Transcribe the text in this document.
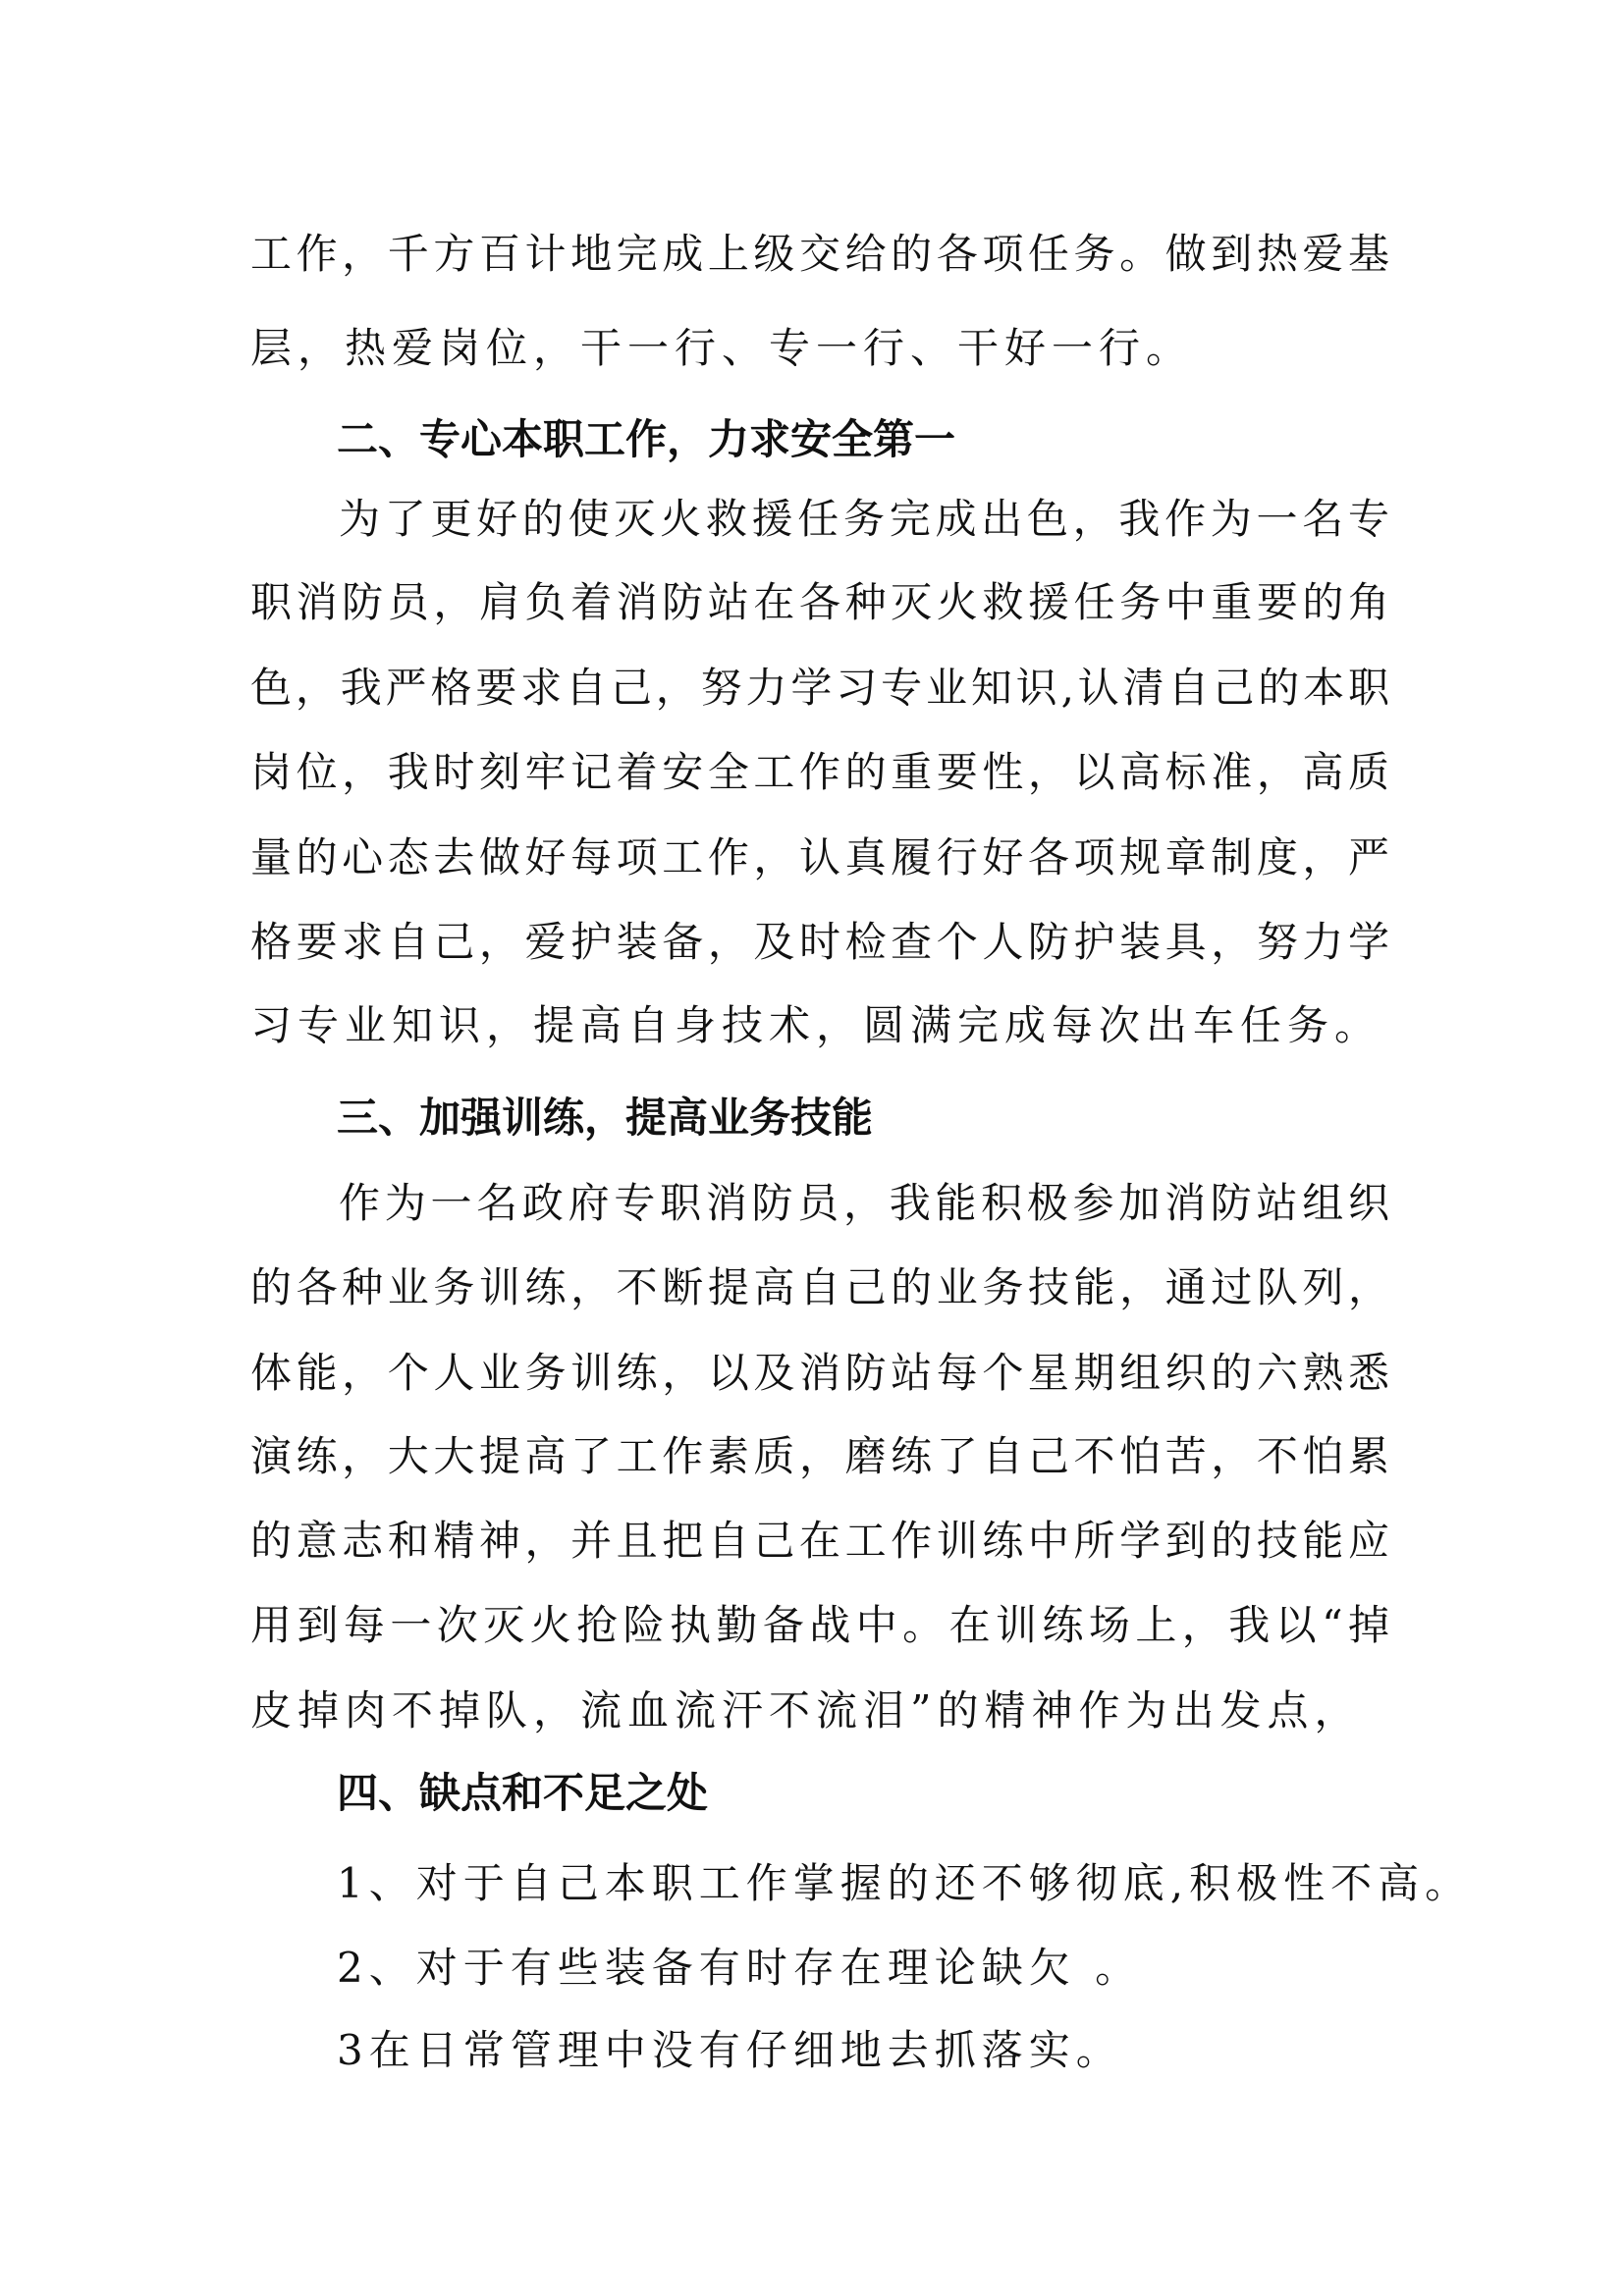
工作，千方百计地完成上级交给的各项任务。做到热爱基
层，热爱岗位，干一行、专一行、干好一行。
二、专心本职工作，力求安全第一
为了更好的使灭火救援任务完成出色，我作为一名专
职消防员，肩负着消防站在各种灭火救援任务中重要的角
色，我严格要求自己，努力学习专业知识,认清自己的本职
岗位，我时刻牢记着安全工作的重要性，以高标准，高质
量的心态去做好每项工作，认真履行好各项规章制度，严
格要求自己，爱护装备，及时检查个人防护装具，努力学
习专业知识，提高自身技术，圆满完成每次出车任务。
三、加强训练，提高业务技能
作为一名政府专职消防员，我能积极参加消防站组织
的各种业务训练，不断提高自己的业务技能，通过队列，
体能，个人业务训练，以及消防站每个星期组织的六熟悉
演练，大大提高了工作素质，磨练了自己不怕苦，不怕累
的意志和精神，并且把自己在工作训练中所学到的技能应
用到每一次灭火抢险执勤备战中。在训练场上，我以“掉
皮掉肉不掉队，流血流汗不流泪”的精神作为出发点，
四、缺点和不足之处
1、对于自己本职工作掌握的还不够彻底,积极性不高。
2、对于有些装备有时存在理论缺欠 。
3在日常管理中没有仔细地去抓落实。
